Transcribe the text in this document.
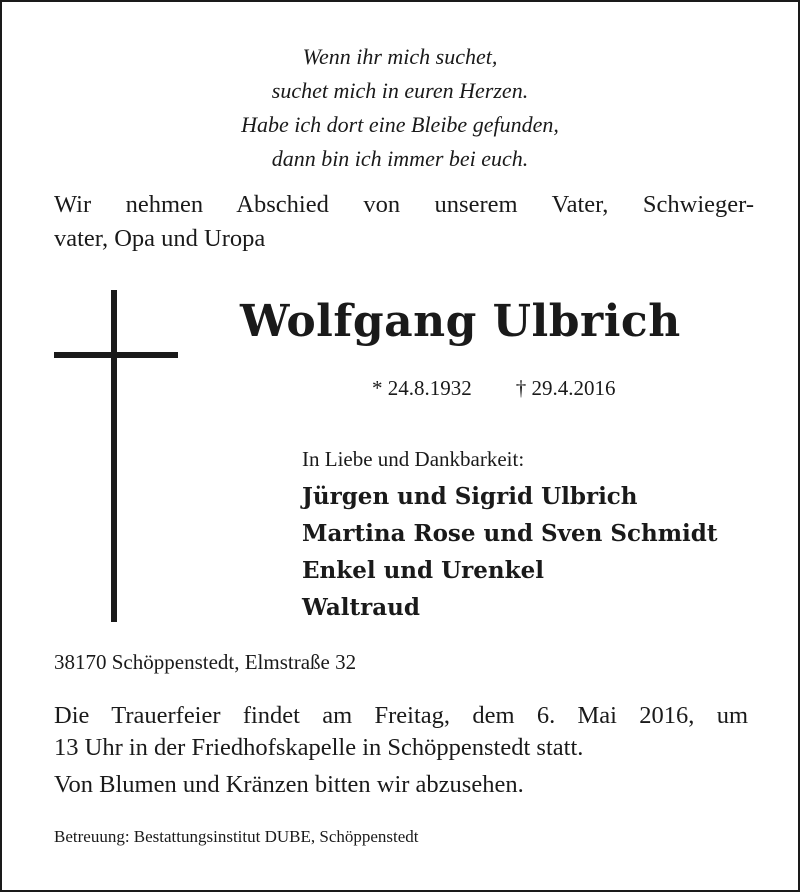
Wenn ihr mich suchet,
suchet mich in euren Herzen.
Habe ich dort eine Bleibe gefunden,
dann bin ich immer bei euch.
Wir nehmen Abschied von unserem Vater, Schwieger-
vater, Opa und Uropa
Wolfgang Ulbrich
* 24.8.1932 † 29.4.2016
In Liebe und Dankbarkeit:
Jürgen und Sigrid Ulbrich
Martina Rose und Sven Schmidt
Enkel und Urenkel
Waltraud
38170 Schöppenstedt, Elmstraße 32
Die Trauerfeier findet am Freitag, dem 6. Mai 2016, um
13 Uhr in der Friedhofskapelle in Schöppenstedt statt.
Von Blumen und Kränzen bitten wir abzusehen.
Betreuung: Bestattungsinstitut DUBE, Schöppenstedt
